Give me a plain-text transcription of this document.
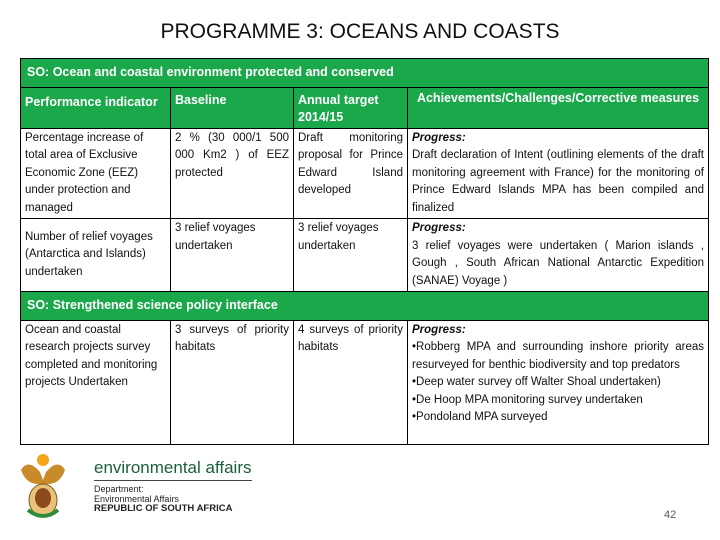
PROGRAMME 3: OCEANS AND COASTS
SO: Ocean and coastal environment protected and conserved			
Performance indicator	Baseline	Annual target 2014/15	Achievements/Challenges/Corrective measures
Percentage increase of total area of Exclusive Economic Zone (EEZ) under protection and managed	2 % (30 000/1 500 000 Km2 ) of EEZ protected	Draft monitoring proposal for Prince Edward Island developed	Progress:
Draft declaration of Intent (outlining elements of the draft monitoring agreement with France) for the monitoring of Prince Edward Islands MPA has been compiled and finalized

Number of relief voyages (Antarctica and Islands) undertaken	3 relief voyages undertaken	3 relief voyages undertaken	Progress:
3 relief voyages were undertaken ( Marion islands , Gough , South African National Antarctic Expedition (SANAE) Voyage )

SO: Strengthened science policy interface			
Ocean and coastal research projects survey completed and monitoring projects Undertaken	3 surveys of priority habitats	4 surveys of priority habitats	Progress:
•Robberg MPA and surrounding inshore priority areas resurveyed for benthic biodiversity and top predators
•Deep water survey off Walter Shoal undertaken)
•De Hoop MPA monitoring survey undertaken
•Pondoland MPA surveyed
environmental affairs
Department:
Environmental Affairs
REPUBLIC OF SOUTH AFRICA
42
